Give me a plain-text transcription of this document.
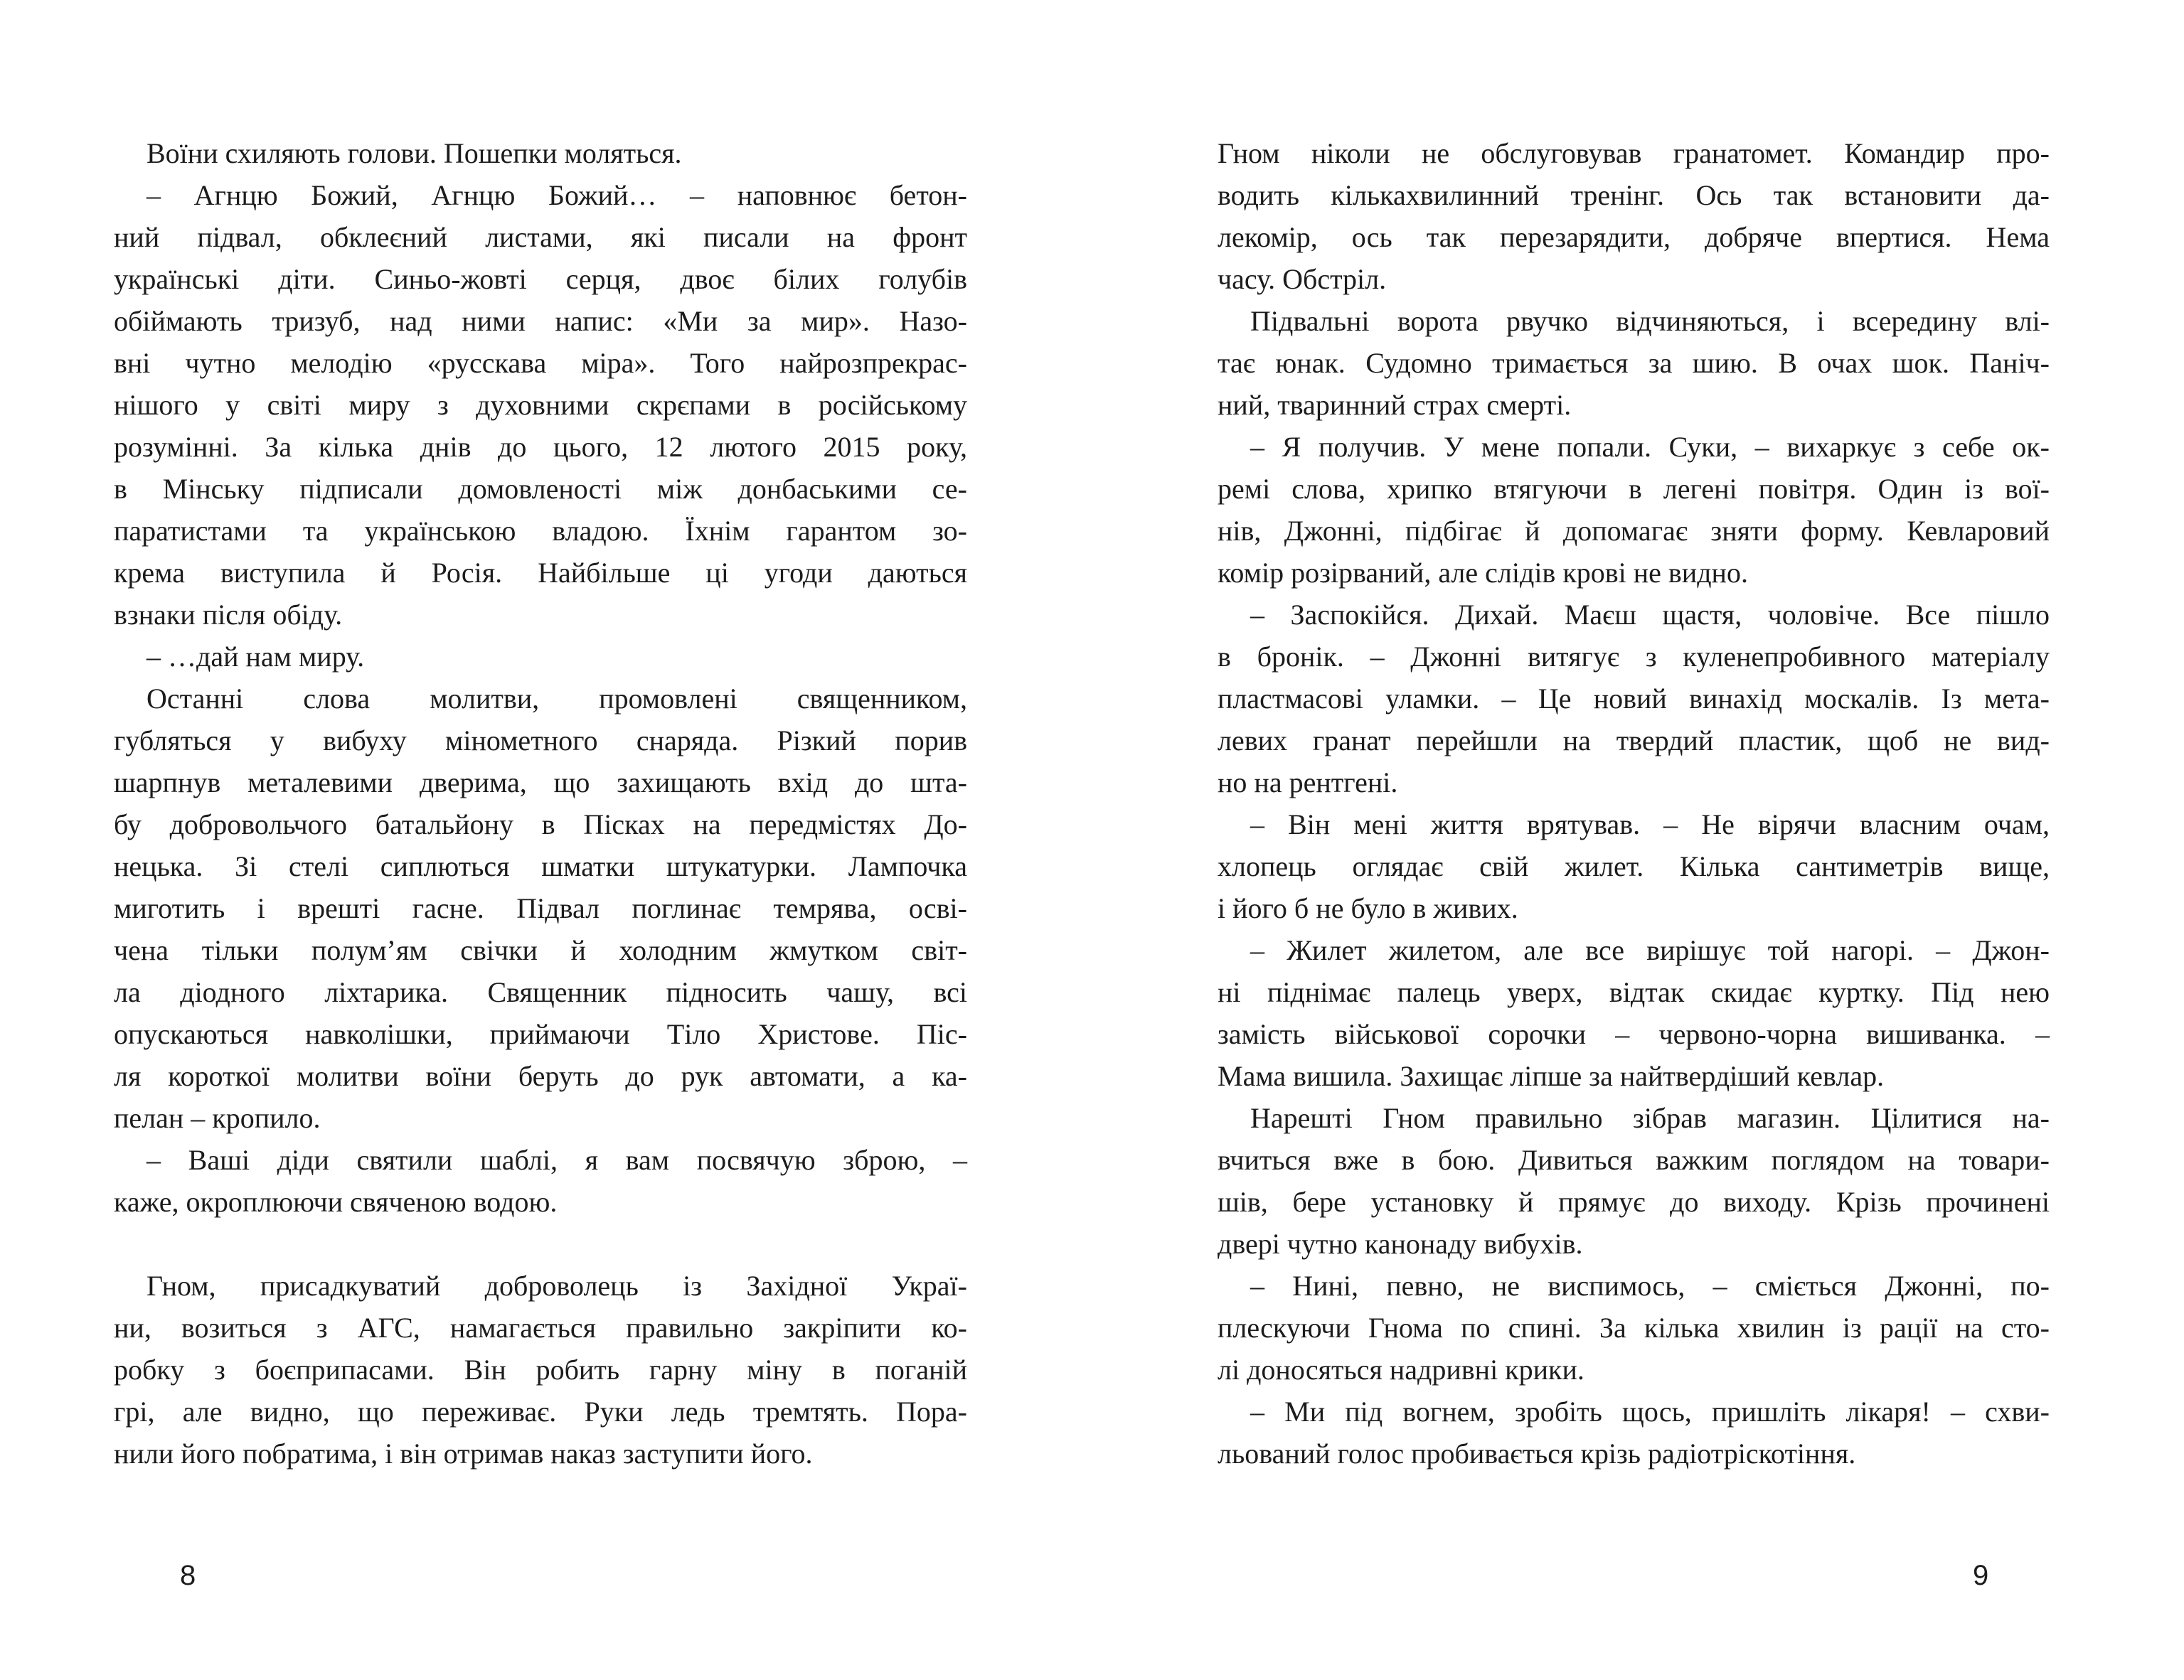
Воїни схиляють голови. Пошепки моляться.
– Агнцю Божий, Агнцю Божий… – наповнює бетон-
ний підвал, обклеєний листами, які писали на фронт
українські діти. Синьо-жовті серця, двоє білих голубів
обіймають тризуб, над ними напис: «Ми за мир». Назо-
вні чутно мелодію «русскава міра». Того найрозпрекрас-
нішого у світі миру з духовними скрєпами в російському
розумінні. За кілька днів до цього, 12 лютого 2015 року,
в Мінську підписали домовленості між донбаськими се-
паратистами та українською владою. Їхнім гарантом зо-
крема виступила й Росія. Найбільше ці угоди даються
взнаки після обіду.
– …дай нам миру.
Останні слова молитви, промовлені священником,
губляться у вибуху мінометного снаряда. Різкий порив
шарпнув металевими дверима, що захищають вхід до шта-
бу добровольчого батальйону в Пісках на передмістях До-
нецька. Зі стелі сиплються шматки штукатурки. Лампочка
миготить і врешті гасне. Підвал поглинає темрява, осві-
чена тільки полум’ям свічки й холодним жмутком світ-
ла діодного ліхтарика. Священник підносить чашу, всі
опускаються навколішки, приймаючи Тіло Христове. Піс-
ля короткої молитви воїни беруть до рук автомати, а ка-
пелан – кропило.
– Ваші діди святили шаблі, я вам посвячую зброю, –
каже, окроплюючи свяченою водою.
Гном, присадкуватий доброволець із Західної Украї-
ни, возиться з АГС, намагається правильно закріпити ко-
робку з боєприпасами. Він робить гарну міну в поганій
грі, але видно, що переживає. Руки ледь тремтять. Пора-
нили його побратима, і він отримав наказ заступити його.
Гном ніколи не обслуговував гранатомет. Командир про-
водить кількахвилинний тренінг. Ось так встановити да-
лекомір, ось так перезарядити, добряче впертися. Нема
часу. Обстріл.
Підвальні ворота рвучко відчиняються, і всередину влі-
тає юнак. Судомно тримається за шию. В очах шок. Паніч-
ний, тваринний страх смерті.
– Я получив. У мене попали. Суки, – вихаркує з себе ок-
ремі слова, хрипко втягуючи в легені повітря. Один із вої-
нів, Джонні, підбігає й допомагає зняти форму. Кевларовий
комір розірваний, але слідів крові не видно.
– Заспокійся. Дихай. Маєш щастя, чоловіче. Все пішло
в бронік. – Джонні витягує з куленепробивного матеріалу
пластмасові уламки. – Це новий винахід москалів. Із мета-
левих гранат перейшли на твердий пластик, щоб не вид-
но на рентгені.
– Він мені життя врятував. – Не вірячи власним очам,
хлопець оглядає свій жилет. Кілька сантиметрів вище,
і його б не було в живих.
– Жилет жилетом, але все вирішує той нагорі. – Джон-
ні піднімає палець уверх, відтак скидає куртку. Під нею
замість військової сорочки – червоно-чорна вишиванка. –
Мама вишила. Захищає ліпше за найтвердіший кевлар.
Нарешті Гном правильно зібрав магазин. Цілитися на-
вчиться вже в бою. Дивиться важким поглядом на товари-
шів, бере установку й прямує до виходу. Крізь прочинені
двері чутно канонаду вибухів.
– Нині, певно, не виспимось, – сміється Джонні, по-
плескуючи Гнома по спині. За кілька хвилин із рації на сто-
лі доносяться надривні крики.
– Ми під вогнем, зробіть щось, пришліть лікаря! – схви-
льований голос пробивається крізь радіотріскотіння.
8	9
